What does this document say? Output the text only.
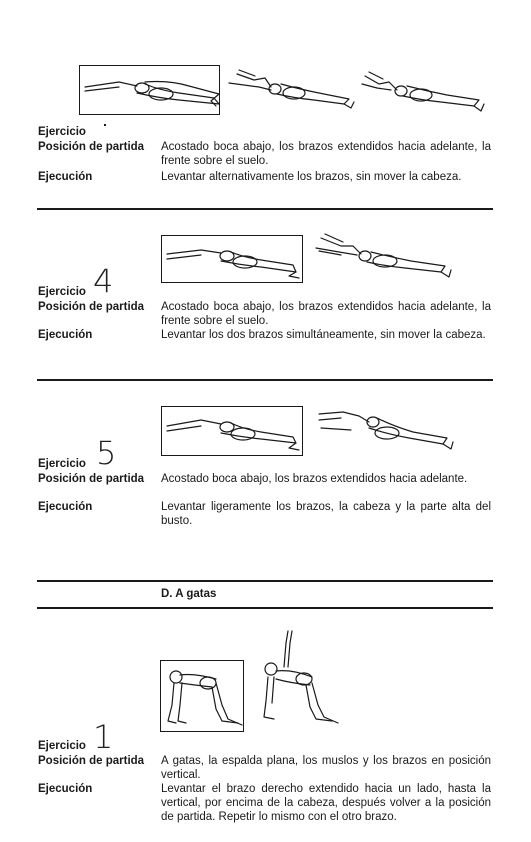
Ejercicio
Posición de partida Acostado boca abajo, los brazos extendidos hacia adelante, la frente sobre el suelo.
Ejecución	Levantar alternativamente los brazos, sin mover la cabeza.
Ejercicio 4
Posición de partida Acostado boca abajo, los brazos extendidos hacia adelante, la frente sobre el suelo.
Ejecución	Levantar los dos brazos simultáneamente, sin mover la cabeza.
Ejercicio 5
Posición de partida Acostado boca abajo, los brazos extendidos hacia adelante.
Ejecución	Levantar ligeramente los brazos, la cabeza y la parte alta del busto.
D. A gatas
Ejercicio 1
Posición de partida A gatas, la espalda plana, los muslos y los brazos en posición vertical.
Ejecución	Levantar el brazo derecho extendido hacia un lado, hasta la vertical, por encima de la cabeza, después volver a la posición de partida. Repetir lo mismo con el otro brazo.
